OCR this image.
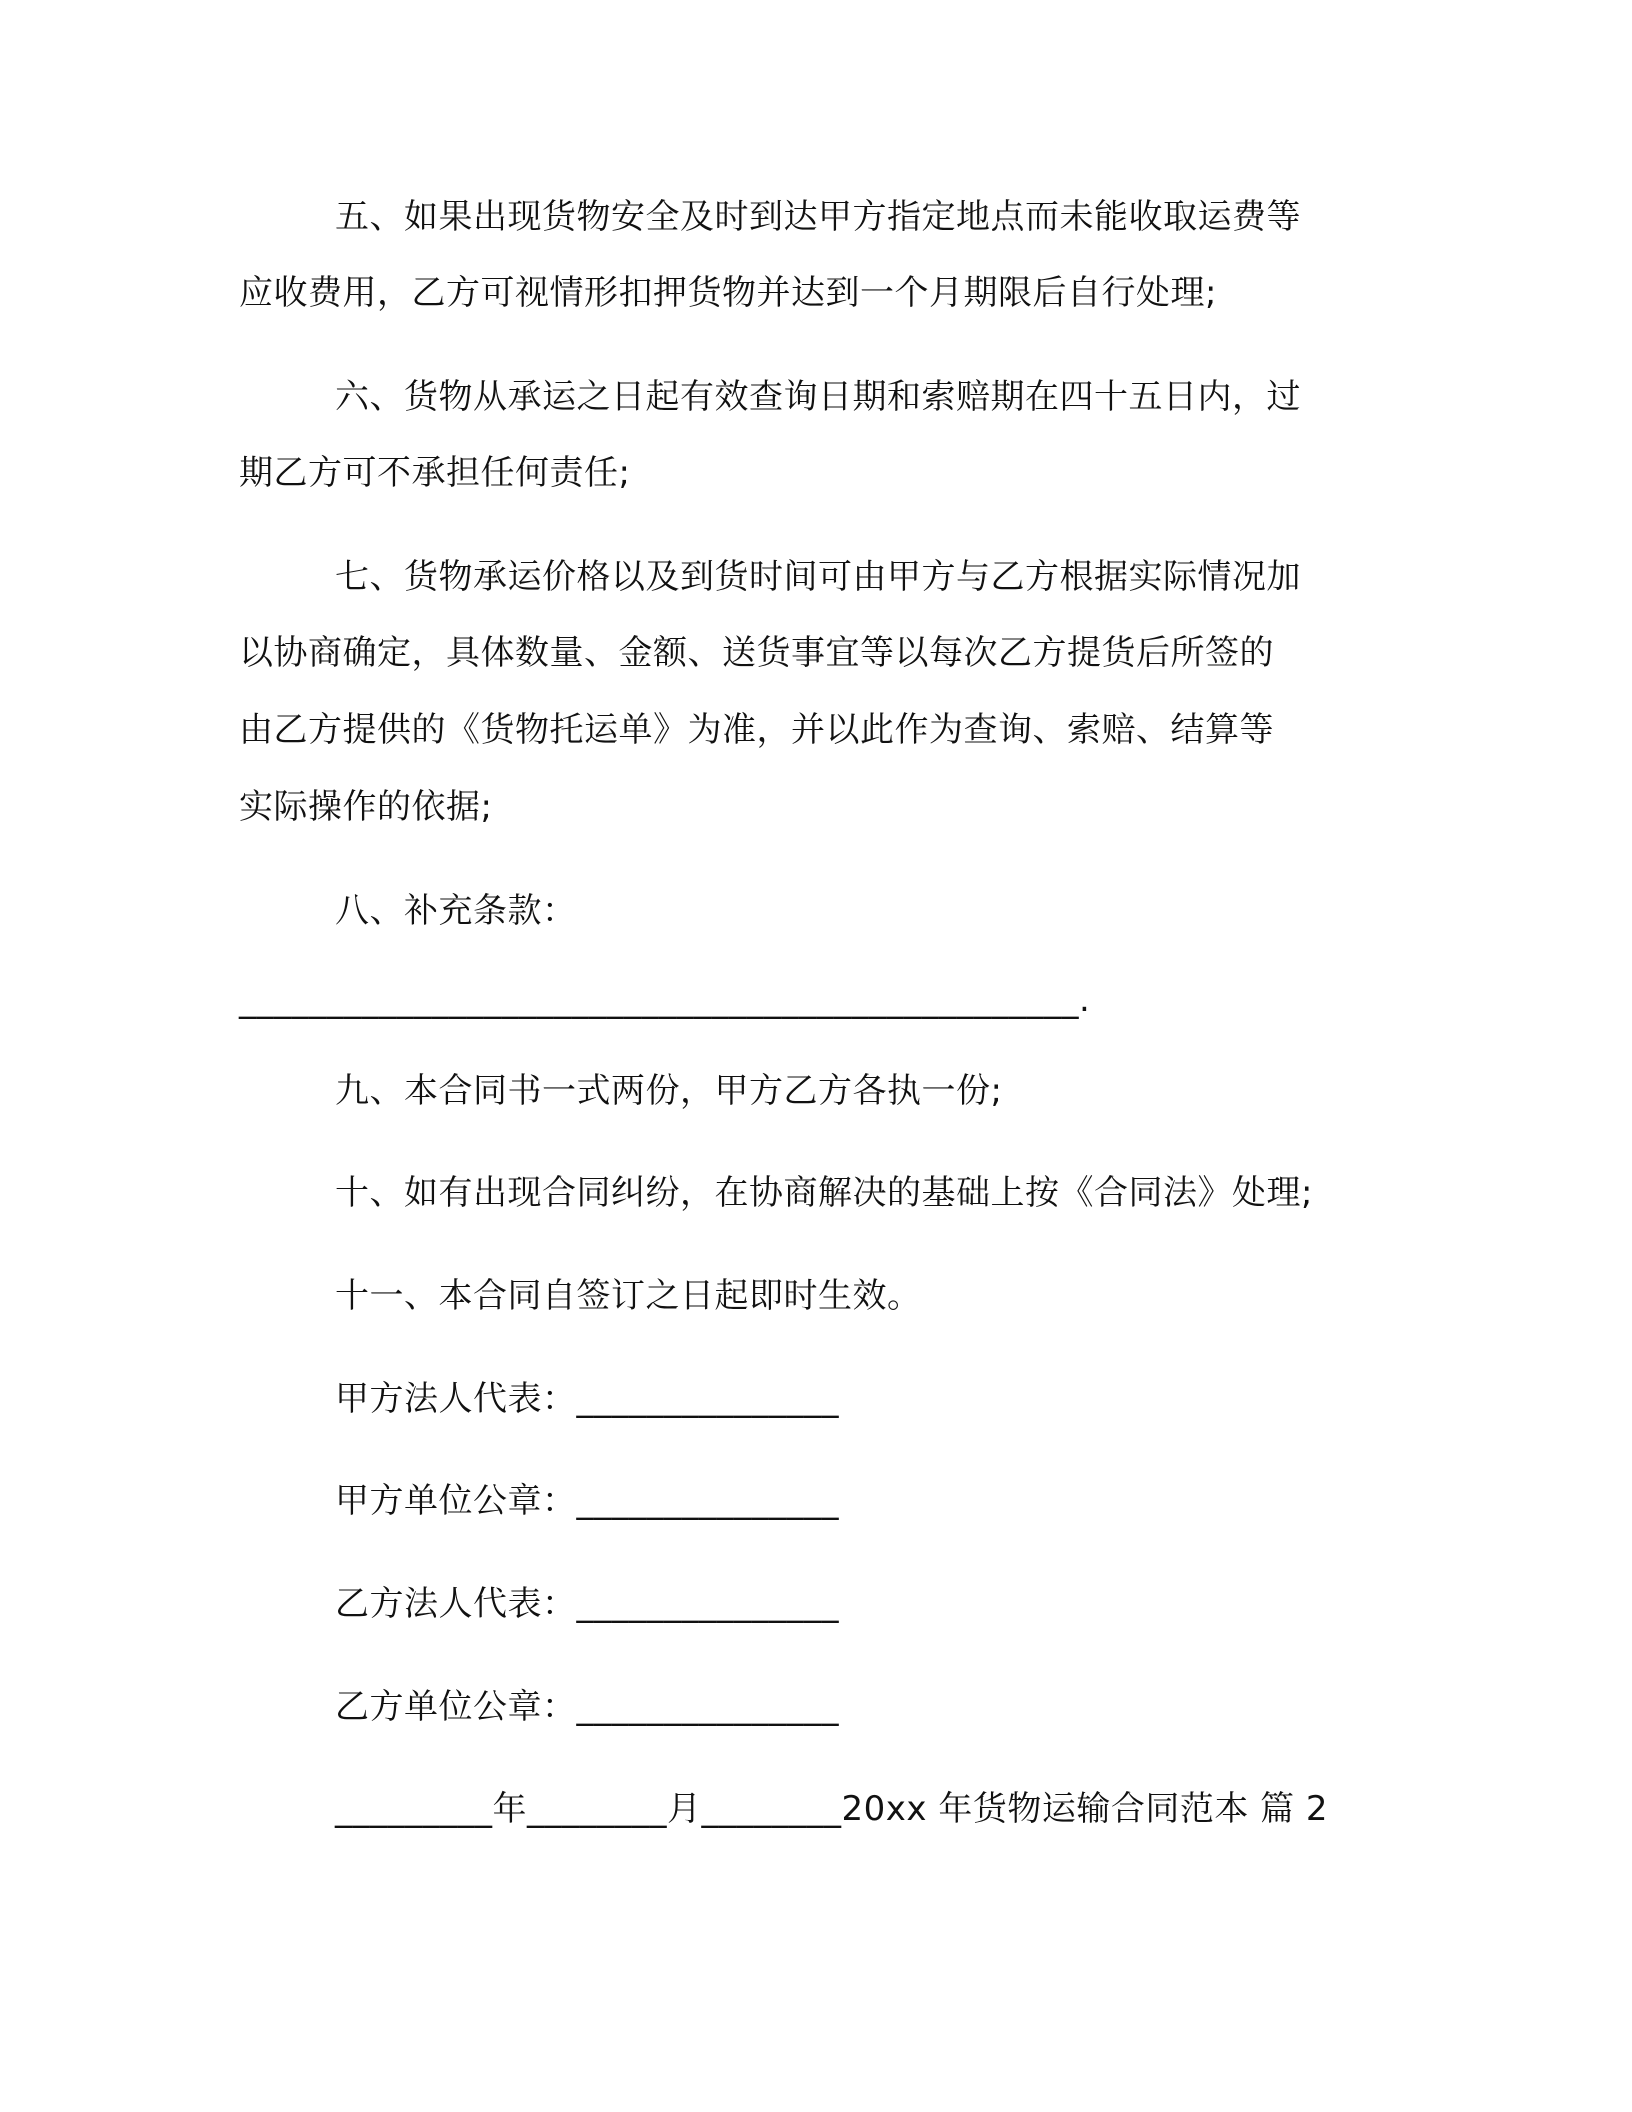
五、如果出现货物安全及时到达甲方指定地点而未能收取运费等
应收费用，乙方可视情形扣押货物并达到一个月期限后自行处理;
六、货物从承运之日起有效查询日期和索赔期在四十五日内，过
期乙方可不承担任何责任;
七、货物承运价格以及到货时间可由甲方与乙方根据实际情况加
以协商确定，具体数量、金额、送货事宜等以每次乙方提货后所签的
由乙方提供的《货物托运单》为准，并以此作为查询、索赔、结算等
实际操作的依据;
八、补充条款：
________________________________________________.
九、本合同书一式两份，甲方乙方各执一份;
十、如有出现合同纠纷，在协商解决的基础上按《合同法》处理;
十一、本合同自签订之日起即时生效。
甲方法人代表：_______________
甲方单位公章：_______________
乙方法人代表：_______________
乙方单位公章：_______________
_________年________月________20xx 年货物运输合同范本 篇 2
